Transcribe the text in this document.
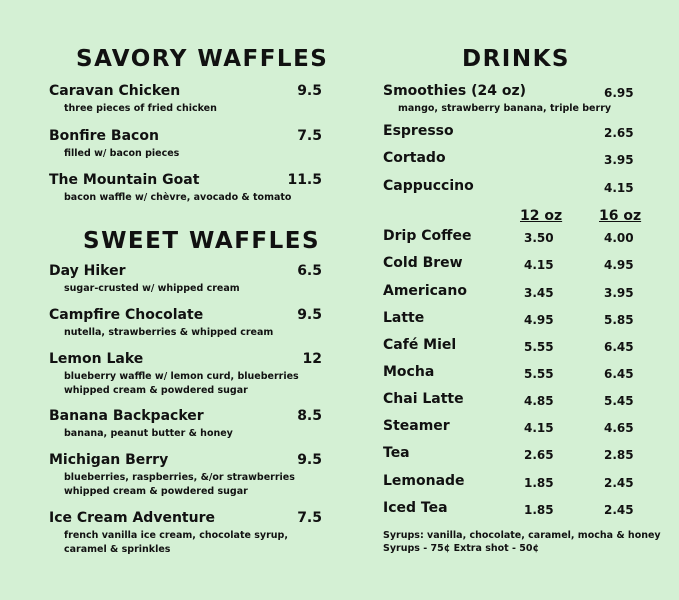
SAVORY WAFFLES
Caravan Chicken
three pieces of fried chicken
9.5
Bonfire Bacon
filled w/ bacon pieces
7.5
The Mountain Goat
bacon waffle w/ chèvre, avocado & tomato
11.5
SWEET WAFFLES
Day Hiker
sugar-crusted w/ whipped cream
6.5
Campfire Chocolate
nutella, strawberries & whipped cream
9.5
Lemon Lake
blueberry waffle w/ lemon curd, blueberries
whipped cream & powdered sugar
12
Banana Backpacker
banana, peanut butter & honey
8.5
Michigan Berry
blueberries, raspberries, &/or strawberries
whipped cream & powdered sugar
9.5
Ice Cream Adventure
french vanilla ice cream, chocolate syrup,
caramel & sprinkles
7.5
DRINKS
Smoothies (24 oz)
mango, strawberry banana, triple berry
6.95
Espresso	2.65
Cortado	3.95
Cappuccino	4.15
12 oz	16 oz
Drip Coffee	3.50	4.00
Cold Brew	4.15	4.95
Americano	3.45	3.95
Latte	4.95	5.85
Café Miel	5.55	6.45
Mocha	5.55	6.45
Chai Latte	4.85	5.45
Steamer	4.15	4.65
Tea	2.65	2.85
Lemonade	1.85	2.45
Iced Tea	1.85	2.45
Syrups: vanilla, chocolate, caramel, mocha & honey
Syrups - 75¢ Extra shot - 50¢
